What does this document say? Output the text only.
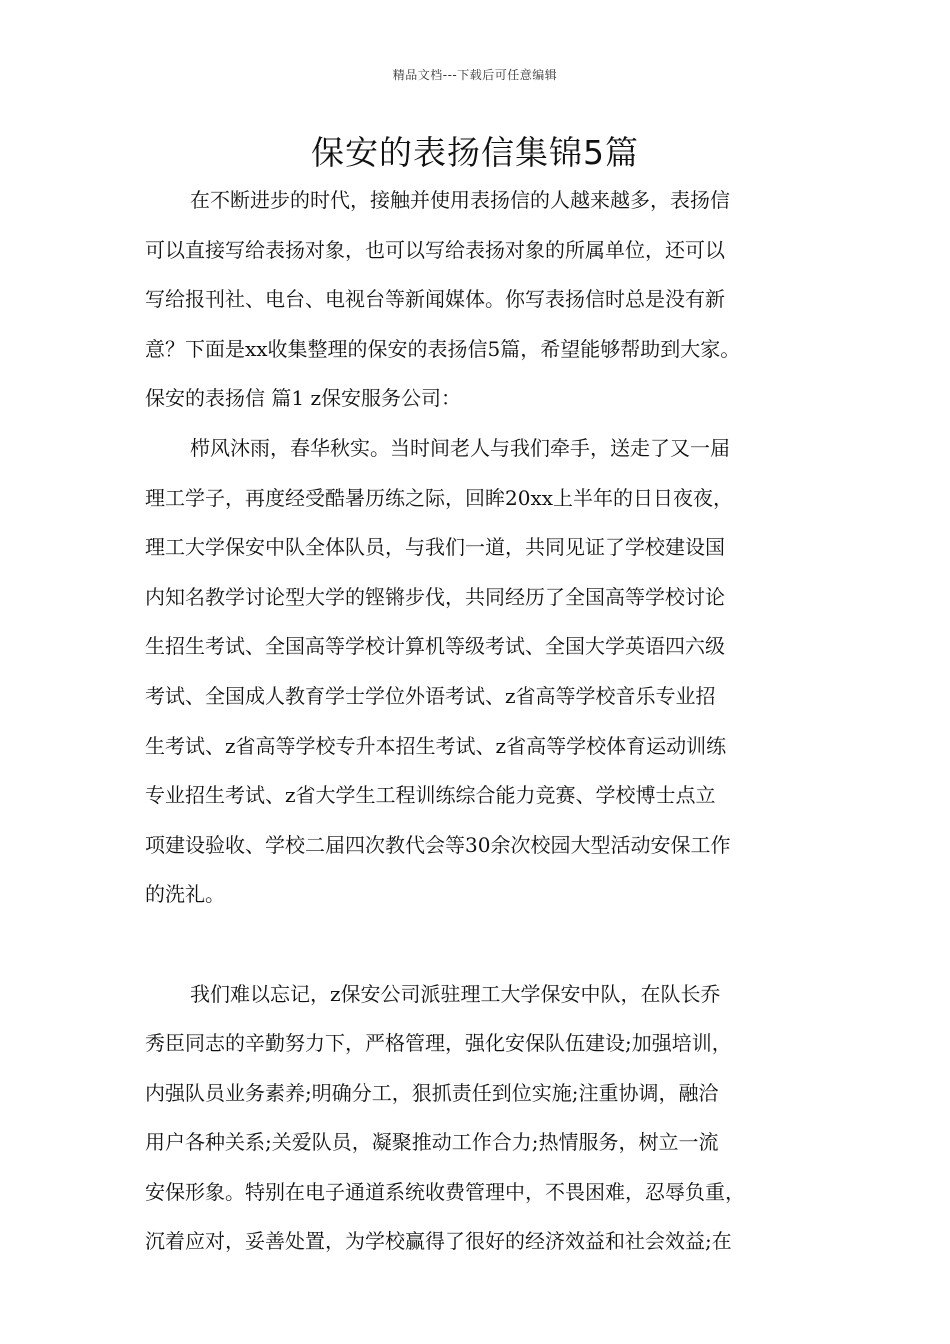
精品文档---下载后可任意编辑
保安的表扬信集锦5篇
在不断进步的时代，接触并使用表扬信的人越来越多，表扬信
可以直接写给表扬对象，也可以写给表扬对象的所属单位，还可以
写给报刊社、电台、电视台等新闻媒体。你写表扬信时总是没有新
意？下面是xx收集整理的保安的表扬信5篇，希望能够帮助到大家。
保安的表扬信 篇1 z保安服务公司：
栉风沐雨，春华秋实。当时间老人与我们牵手，送走了又一届
理工学子，再度经受酷暑历练之际，回眸20xx上半年的日日夜夜，
理工大学保安中队全体队员，与我们一道，共同见证了学校建设国
内知名教学讨论型大学的铿锵步伐，共同经历了全国高等学校讨论
生招生考试、全国高等学校计算机等级考试、全国大学英语四六级
考试、全国成人教育学士学位外语考试、z省高等学校音乐专业招
生考试、z省高等学校专升本招生考试、z省高等学校体育运动训练
专业招生考试、z省大学生工程训练综合能力竞赛、学校博士点立
项建设验收、学校二届四次教代会等30余次校园大型活动安保工作
的洗礼。
我们难以忘记，z保安公司派驻理工大学保安中队，在队长乔
秀臣同志的辛勤努力下，严格管理，强化安保队伍建设;加强培训，
内强队员业务素养;明确分工，狠抓责任到位实施;注重协调，融洽
用户各种关系;关爱队员，凝聚推动工作合力;热情服务，树立一流
安保形象。特别在电子通道系统收费管理中，不畏困难，忍辱负重，
沉着应对，妥善处置，为学校赢得了很好的经济效益和社会效益;在
